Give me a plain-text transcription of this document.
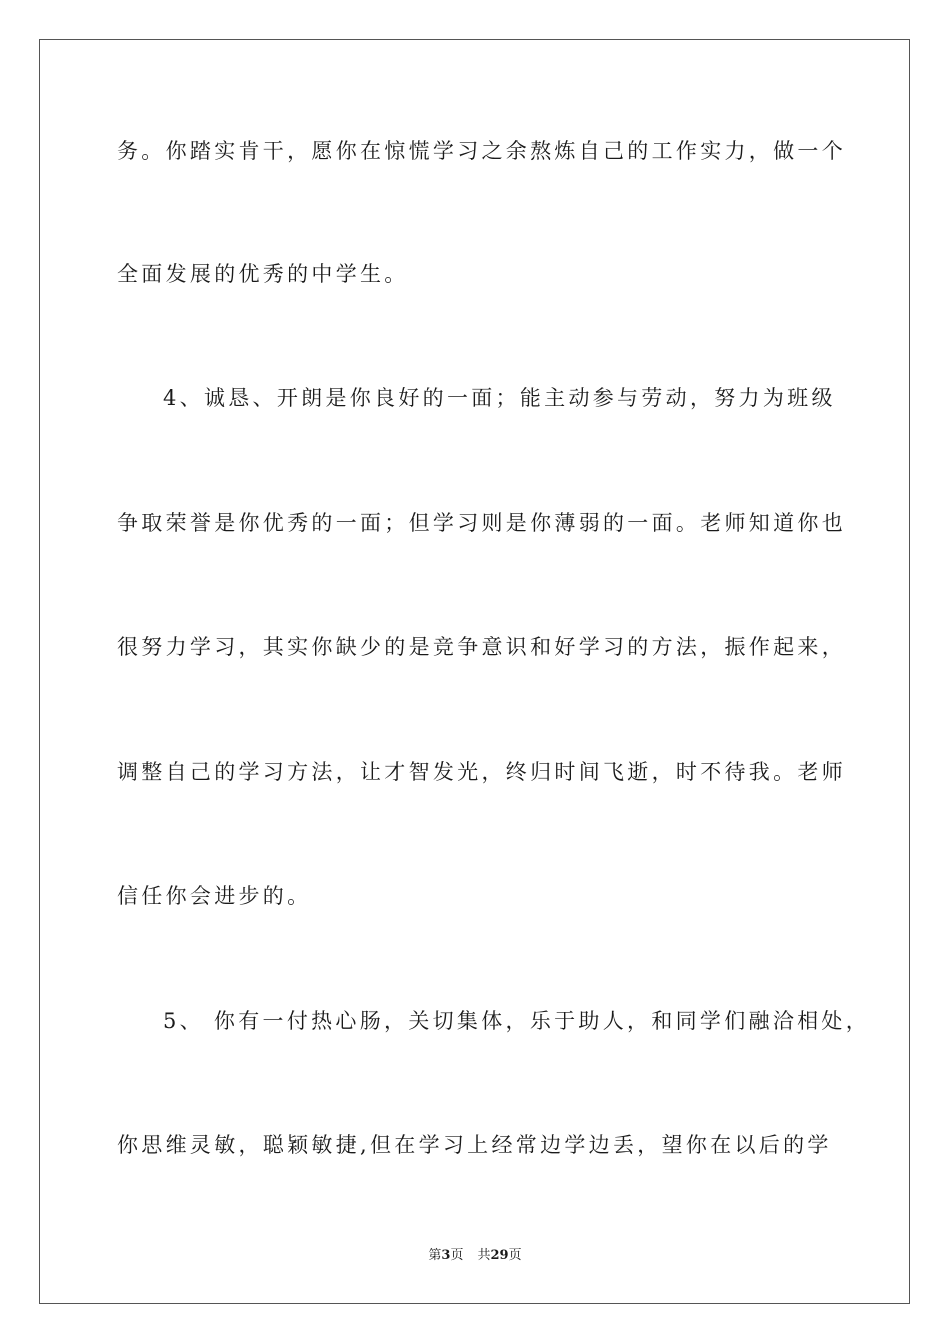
务。你踏实肯干，愿你在惊慌学习之余熬炼自己的工作实力，做一个
全面发展的优秀的中学生。
4、诚恳、开朗是你良好的一面；能主动参与劳动，努力为班级
争取荣誉是你优秀的一面；但学习则是你薄弱的一面。老师知道你也
很努力学习，其实你缺少的是竞争意识和好学习的方法，振作起来，
调整自己的学习方法，让才智发光，终归时间飞逝，时不待我。老师
信任你会进步的。
5、 你有一付热心肠，关切集体，乐于助人，和同学们融洽相处，
你思维灵敏，聪颖敏捷,但在学习上经常边学边丢，望你在以后的学
第3页 共29页
